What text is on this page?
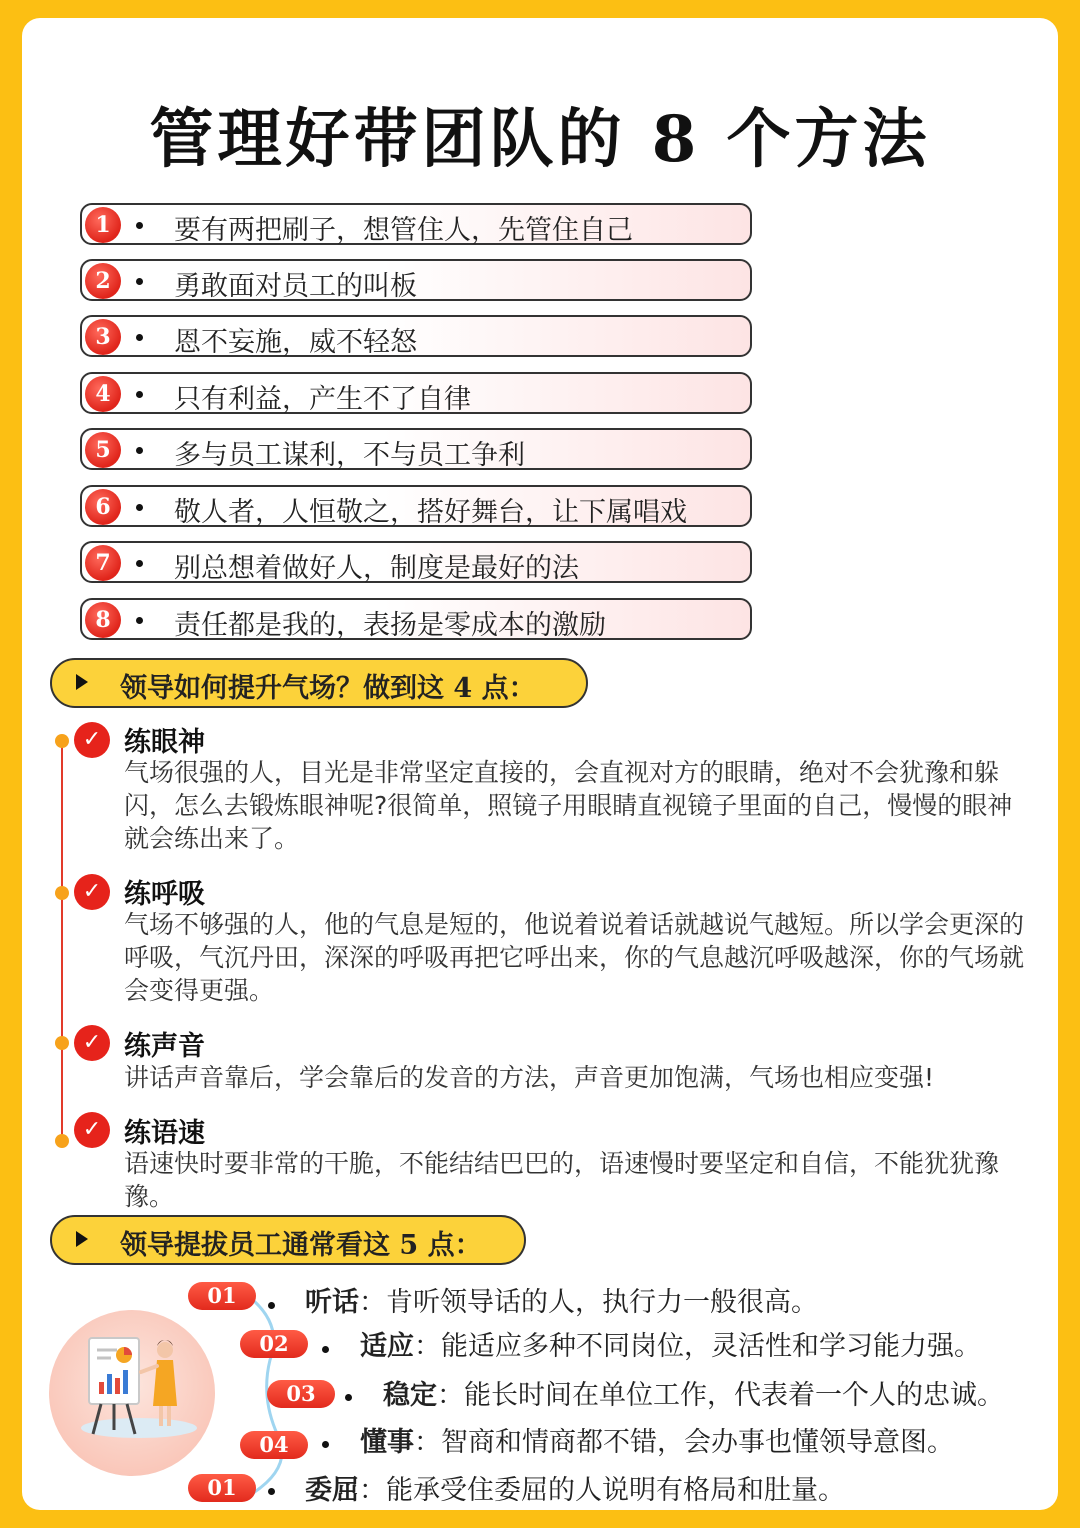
管理好带团队的 8 个方法
1	要有两把刷子，想管住人，先管住自己
2	勇敢面对员工的叫板
3	恩不妄施，威不轻怒
4	只有利益，产生不了自律
5	多与员工谋利，不与员工争利
6	敬人者，人恒敬之，搭好舞台，让下属唱戏
7	别总想着做好人，制度是最好的法
8	责任都是我的，表扬是零成本的激励
领导如何提升气场？做到这 4 点：
✓ 练眼神
气场很强的人，目光是非常坚定直接的，会直视对方的眼睛，绝对不会犹豫和躲闪，怎么去锻炼眼神呢?很简单，照镜子用眼睛直视镜子里面的自己，慢慢的眼神就会练出来了。
✓ 练呼吸
气场不够强的人，他的气息是短的，他说着说着话就越说气越短。所以学会更深的呼吸，气沉丹田，深深的呼吸再把它呼出来，你的气息越沉呼吸越深，你的气场就会变得更强。
✓ 练声音
讲话声音靠后，学会靠后的发音的方法，声音更加饱满，气场也相应变强!
✓ 练语速
语速快时要非常的干脆，不能结结巴巴的，语速慢时要坚定和自信，不能犹犹豫豫。
领导提拔员工通常看这 5 点：
01	听话：肯听领导话的人，执行力一般很高。
02	适应：能适应多种不同岗位，灵活性和学习能力强。
03	稳定：能长时间在单位工作，代表着一个人的忠诚。
04	懂事：智商和情商都不错，会办事也懂领导意图。
01	委屈：能承受住委屈的人说明有格局和肚量。
